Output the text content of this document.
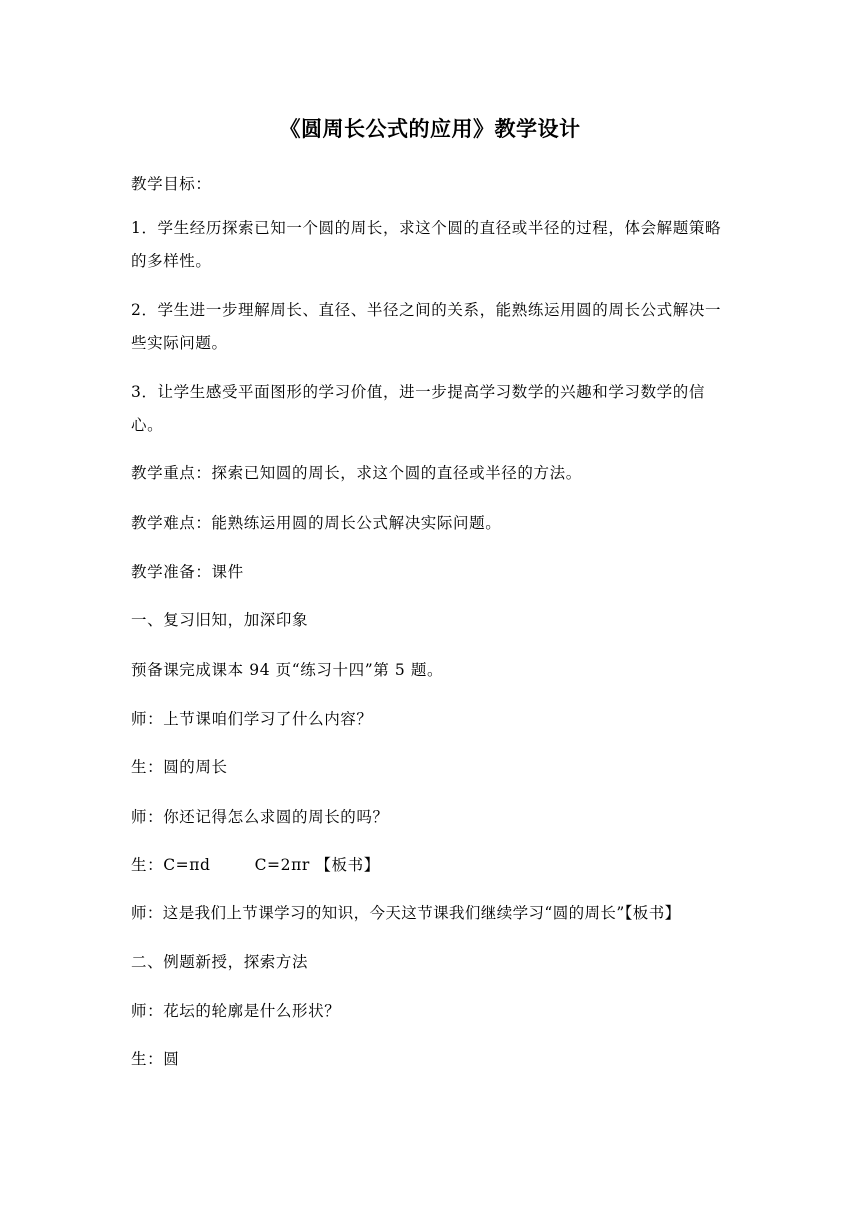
《圆周长公式的应用》教学设计
教学目标：
1．学生经历探索已知一个圆的周长，求这个圆的直径或半径的过程，体会解题策略的多样性。
2．学生进一步理解周长、直径、半径之间的关系，能熟练运用圆的周长公式解决一些实际问题。
3．让学生感受平面图形的学习价值，进一步提高学习数学的兴趣和学习数学的信心。
教学重点：探索已知圆的周长，求这个圆的直径或半径的方法。
教学难点：能熟练运用圆的周长公式解决实际问题。
教学准备：课件
一、复习旧知，加深印象
预备课完成课本 94 页“练习十四”第 5 题。
师：上节课咱们学习了什么内容？
生：圆的周长
师：你还记得怎么求圆的周长的吗？
生：C=πd	C=2πr 【板书】
师：这是我们上节课学习的知识，今天这节课我们继续学习“圆的周长”【板书】
二、例题新授，探索方法
师：花坛的轮廓是什么形状？
生：圆
